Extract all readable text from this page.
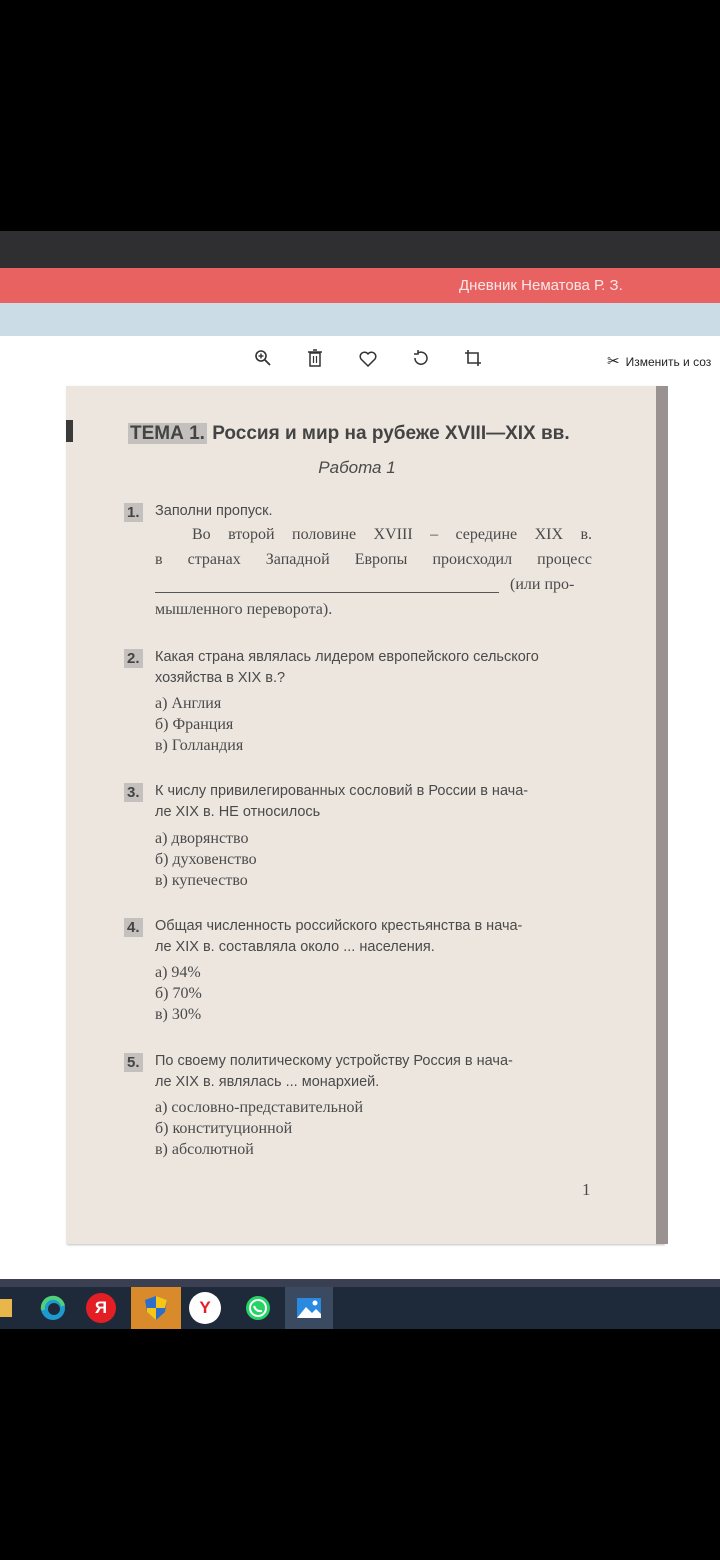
Дневник Нематова Р. З.
✂ Изменить и соз
ТЕМА 1. Россия и мир на рубеже XVIII—XIX вв.
Работа 1
1. Заполни пропуск.
Во второй половине XVIII – середине XIX в.
в странах Западной Европы происходил процесс
(или про-
мышленного переворота).
2. Какая страна являлась лидером европейского сельского
хозяйства в XIX в.?
а) Англия
б) Франция
в) Голландия
3. К числу привилегированных сословий в России в нача-
ле XIX в. НЕ относилось
а) дворянство
б) духовенство
в) купечество
4. Общая численность российского крестьянства в нача-
ле XIX в. составляла около ... населения.
а) 94%
б) 70%
в) 30%
5. По своему политическому устройству Россия в нача-
ле XIX в. являлась ... монархией.
а) сословно-представительной
б) конституционной
в) абсолютной
1
Я	Y
